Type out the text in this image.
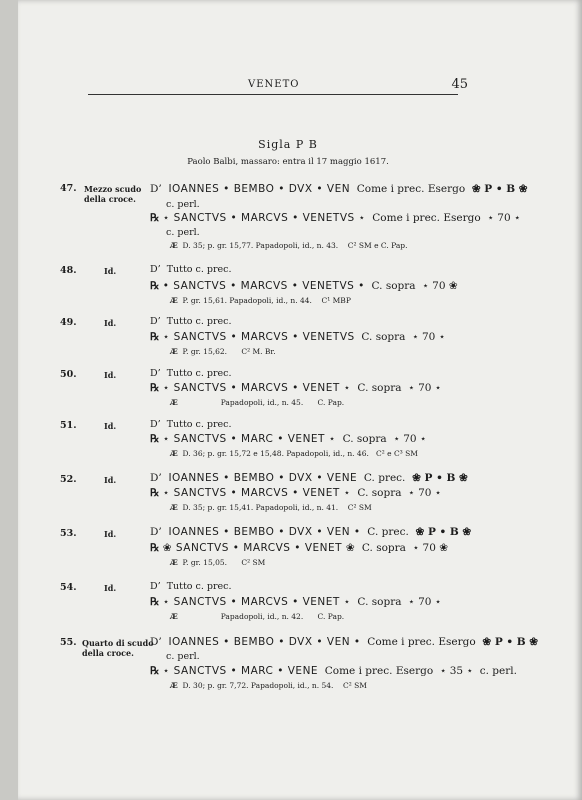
VENETO	45
Sigla P B
Paolo Balbi, massaro: entra il 17 maggio 1617.
47. Mezzo scudo
della croce.
D’ IOANNES • BEMBO • DVX • VEN Come i prec. Esergo ❀ P • B ❀
c. perl.
℞ ⋆ SANCTVS • MARCVS • VENETVS ⋆ Come i prec. Esergo ⋆ 70 ⋆
c. perl.
Æ D. 35; p. gr. 15,77. Papadopoli, id., n. 43. C² SM e C. Pap.
48.	Id.	D’ Tutto c. prec.
℞ • SANCTVS • MARCVS • VENETVS • C. sopra ⋆ 70 ❀
Æ P. gr. 15,61. Papadopoli, id., n. 44. C¹ MBP
49.	Id.	D’ Tutto c. prec.
℞ ⋆ SANCTVS • MARCVS • VENETVS C. sopra ⋆ 70 ⋆
Æ P. gr. 15,62. C² M. Br.
50.	Id.	D’ Tutto c. prec.
℞ ⋆ SANCTVS • MARCVS • VENET ⋆ C. sopra ⋆ 70 ⋆
Æ	Papadopoli, id., n. 45. C. Pap.
51.	Id.	D’ Tutto c. prec.
℞ ⋆ SANCTVS • MARC • VENET ⋆ C. sopra ⋆ 70 ⋆
Æ D. 36; p. gr. 15,72 e 15,48. Papadopoli, id., n. 46. C² e C³ SM
52.	Id.	D’ IOANNES • BEMBO • DVX • VENE C. prec. ❀ P • B ❀
℞ ⋆ SANCTVS • MARCVS • VENET ⋆ C. sopra ⋆ 70 ⋆
Æ D. 35; p. gr. 15,41. Papadopoli, id., n. 41. C² SM
53.	Id.	D’ IOANNES • BEMBO • DVX • VEN • C. prec. ❀ P • B ❀
℞ ❀ SANCTVS • MARCVS • VENET ❀ C. sopra ⋆ 70 ❀
Æ P. gr. 15,05. C² SM
54.	Id.	D’ Tutto c. prec.
℞ ⋆ SANCTVS • MARCVS • VENET ⋆ C. sopra ⋆ 70 ⋆
Æ	Papadopoli, id., n. 42. C. Pap.
55. Quarto di scudo
della croce.
D’ IOANNES • BEMBO • DVX • VEN • Come i prec. Esergo ❀ P • B ❀
c. perl.
℞ ⋆ SANCTVS • MARC • VENE Come i prec. Esergo ⋆ 35 ⋆ c. perl.
Æ D. 30; p. gr. 7,72. Papadopoli, id., n. 54. C² SM
